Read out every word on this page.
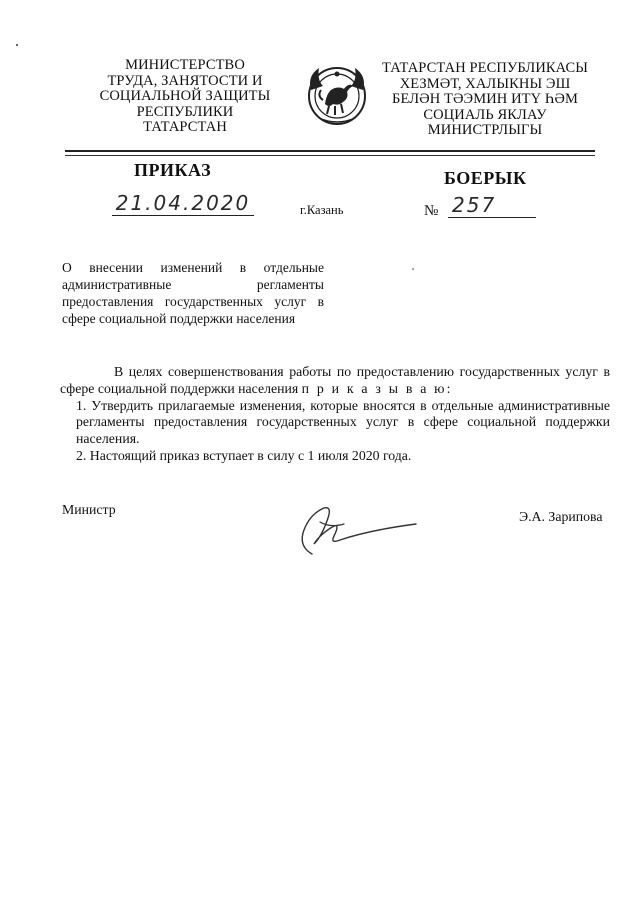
МИНИСТЕРСТВО
ТРУДА, ЗАНЯТОСТИ И
СОЦИАЛЬНОЙ ЗАЩИТЫ
РЕСПУБЛИКИ
ТАТАРСТАН
ТАТАРСТАН РЕСПУБЛИКАСЫ
ХЕЗМӘТ, ХАЛЫКНЫ ЭШ
БЕЛӘН ТӘЭМИН ИТҮ ҺӘМ
СОЦИАЛЬ ЯКЛАУ
МИНИСТРЛЫГЫ
ПРИКАЗ	БОЕРЫК
21.04.2020	г.Казань	№ 257
О внесении изменений в отдельные административные регламенты предоставления государственных услуг в сфере социальной поддержки населения

В целях совершенствования работы по предоставлению государственных услуг в сфере социальной поддержки населения п р и к а з ы в а ю:

1. Утвердить прилагаемые изменения, которые вносятся в отдельные административные регламенты предоставления государственных услуг в сфере социальной поддержки населения.

2. Настоящий приказ вступает в силу с 1 июля 2020 года.

Министр	Э.А. Зарипова
